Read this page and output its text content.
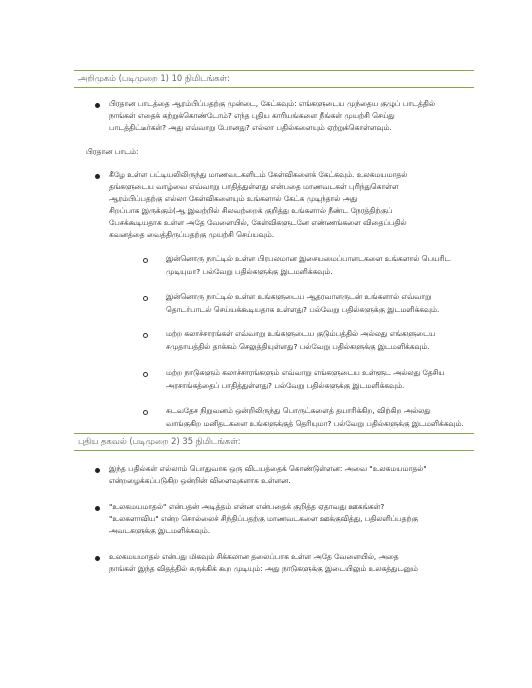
அறிமுகம் (படிமுறை 1) 10 நிமிடங்கள்:
பிரதான பாடத்தை ஆரம்பிப்பதற்கு முன்டை, கேட்கவும்: எங்களுடைய முந்தைய குழுப் பாடத்தில்
நாங்கள் எதைக் கற்றுக்கொண்டோம்? எந்த புதிய காரியங்களை நீங்கள் முயற்சி செய்து
பாடத்திட்டீர்கள்? அது எவ்வாறு போனது? எல்லா பதில்களையும் ஏற்றுக்கொள்ளவும்.
பிரதான பாடம்:
கீழே உள்ள பட்டியலிலிருந்து மாணவடகளிடம் கேள்விகளைக் கேட்கவும். உலகமயமாதல்
தங்களுடைய வாழ்வை எவ்வாறு பாதித்துள்ளது என்பதை மாணவடகள் புரிந்துகொள்ள
ஆரம்பிப்பதற்கு எல்லா கேள்விகளையும் உங்களால் கேட்க முடிந்தால் அது
சிறப்பாக இருக்கும்(ஆ இவற்றில் சிலவற்றைக் குறித்து உங்களால் நீண்ட நேரத்திற்குப்
பேசக்கூடியதாக உள்ள அதே வேளையில், கேள்விகளுடனே எண்ணங்களை விதைப்பதில்
கவனத்தை வைத்திருப்பதற்கு முயற்சி செய்யவும்.
இன்னொரு நாட்டில் உள்ள பிரபலமான இசையமைப்பாளடகளை உங்களால் பெயரிட
முடியுமா? பல்வேறு பதில்களுக்கு இடமளிக்கவும்.
இன்னொரு நாட்டில் உள்ள உங்களுடைய ஆதரவாளருடன் உங்களால் எவ்வாறு
தொடர்பாடல் செய்யக்கூடியதாக உள்ளது? பல்வேறு பதில்களுக்கு இடமளிக்கவும்.
மற்ற கலாச்சாரங்கள் எவ்வாறு உங்களுடைய குடும்பத்தில் அல்லது எங்களுடைய
சமுதாயத்தில் தாக்கம் செலுத்தியுள்ளது? பல்வேறு பதில்களுக்கு இடமளிக்கவும்.
மற்ற நாடுகளும் கலாச்சாரங்களும் எவ்வாறு எங்களுடைய உள்ளூட அல்லது தேசிய
அரசாங்கத்தைப் பாதித்துள்ளது? பல்வேறு பதில்களுக்கு இடமளிக்கவும்.
சுடவதேச நிறுவனம் ஒன்றிலிருந்து பொருட்களைத் தயாரிக்கிற, விற்கிற அல்லது
வாங்குகிற மனிதடகளை உங்களுக்குத் தெரியுமா? பல்வேறு பதில்களுக்கு இடமளிக்கவும்.
புதிய தகவல் (படிமுறை 2) 35 நிமிடங்கள்:
இந்த பதில்கள் எல்லாம் பொதுவாக ஒரு விடயத்தைக் கொண்டுள்ளன: அவை "உலகமயமாதல்"
என்றழைக்கப்படுகிற ஒன்றின் விளைவுகளாக உள்ளன.
"உலகமயமாதல்" என்பதன் அடித்தம் என்ன என்பதைக் குறித்த ஏதாவது ஊகங்கள்?
"உலகளாவிய" என்ற சொல்லைச் சிந்திப்பதற்கு மாணவடகளை ஊக்குவித்து, பதிலளிப்பதற்கு
அவடகளுக்கு இடமளிக்கவும்.
உலகமயமாதல் என்பது மிகவும் சிக்கலான தலைப்பாக உள்ள அதே வேளையில், அதை
நாங்கள் இந்த விதத்தில் சுருக்கிக் கூற முடியும்: அது நாடுகளுக்கு இடையிலும் உலகத்துடனும்
